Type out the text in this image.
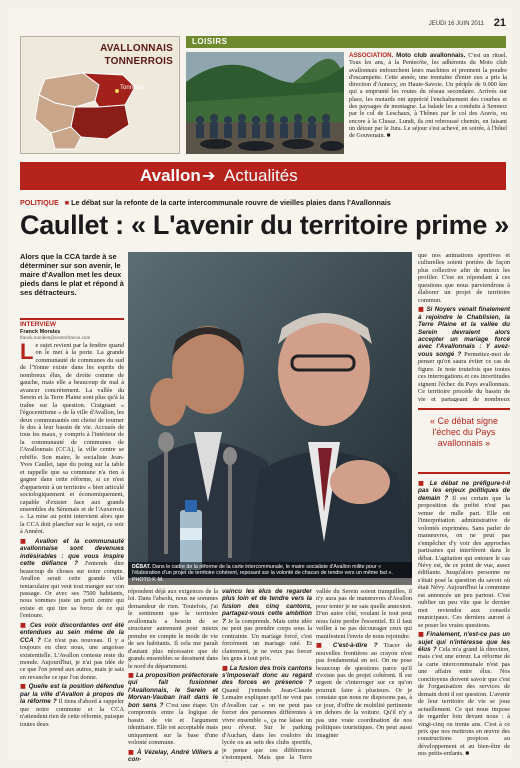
JEUDI 16 JUIN 2011 21
AVALLONNAIS
TONNERROIS
Tonnerre
LOISIRS
ASSOCIATION. Moto club avallonnais. C'est un rituel. Tous les ans, à la Pentecôte, les adhérents du Moto club avallonnais enfourchent leurs machines et prennent la poudre d'escampette. Cette année, une trentaine d'entre eux a pris la direction d'Annecy, en Haute-Savoie. Un périple de 9.000 km qui a emprunté les routes du réseau secondaire. Arrivés sur place, les motards ont apprécié l'enchaînement des courbes et des paysages de montagne. La balade les a conduits à Semnoz par le col de Leschaux, à Thônes par le col des Aravis, ou encore à la Clusaz. Lundi, ils ont rebroussé chemin, en faisant un détour par le Jura. Le séjour s'est achevé, en soirée, à l'hôtel de Gouvenain. ■
Avallon ➔ Actualités
POLITIQUE ■ Le débat sur la refonte de la carte intercommunale rouvre de vieilles plaies dans l'Avallonnais
Caullet : « L'avenir du territoire prime »
Alors que la CCA tarde à se déterminer sur son avenir, le maire d'Avallon met les deux pieds dans le plat et répond à ses détracteurs.
INTERVIEW
Franck Morales
franck.morales@centrefrance.com
DÉBAT. Dans le cadre de la réforme de la carte intercommunale, le maire socialiste d'Avallon milite pour « l'élaboration d'un projet de territoire cohérent, reposant sur la volonté de chacun de tendre vers un même but ». PHOTO F. M.
L e sujet revient par la fenêtre quand on le met à la porte. La grande communauté de communes du sud de l'Yonne existe dans les esprits de nombreux élus, de droite comme de gauche, mais elle a beaucoup de mal à avancer concrètement. La vallée du Serein et la Terre Plaine sont plus qu'à la traîne sur la question. Craignant « l'égocentrisme » de la ville d'Avallon, les deux communautés ont choisi de tourner le dos à leur bassin de vie. Accusés de tous les maux, y compris à l'intérieur de la communauté de communes de l'Avallonnais (CCA), la ville centre se rebiffe. Son maire, le socialiste Jean-Yves Caullet, tape du poing sur la table et rappelle que sa commune n'a rien à gagner dans cette réforme, si ce n'est d'appartenir à un territoire « bien articulé sociologiquement et économiquement, capable d'exister face aux grands ensembles du Sénonais et de l'Auxerrois ». La mise au point intervient alors que la CCA doit plancher sur le sujet, ce soir à Annéot.

■ Avallon et la communauté avallonnaise sont devenues indésirables : que vous inspire cette défiance ? J'entends dire beaucoup de choses sur notre compte. Avallon serait cette grande ville tentaculaire qui veut tout manger sur son passage. Or avec ses 7500 habitants, nous sommes juste un petit centre qui existe et qui tire sa force de ce qui l'entoure.

■ Ces voix discordantes ont été entendues au sein même de la CCA ? Ce n'est pas nouveau. Il y a toujours eu chez nous, une angoisse existentielle. L'Avallon conteste reste du monde. Aujourd'hui, je n'ai pas idée de ce que l'on prend aux autres, mais je sais en revanche ce que l'on donne.

■ Quelle est la position défendue par la ville d'Avallon à propos de la réforme ? Il tiens d'abord à rappeler que notre commune et la CCA n'attendent rien de cette réforme, puisque toutes deux

répondent déjà aux exigences de la loi. Dans l'absolu, nous ne sommes demandeur de rien. Toutefois, j'ai le sentiment que le territoire avallonnais a besoin de se structurer autrement pour mieux prendre en compte le mode de vie de ses habitants. Il cela me paraît d'autant plus nécessaire que de grands ensembles se dessinent dans le nord du département.

■ La proposition préfectorale qui fait fusionner l'Avallonnais, le Serein et Morvan-Vauban irait dans le bon sens ? C'est une étape. Un compromis entre la logique de bassin de vie et l'argument identitaire. Elle est acceptable mais uniquement sur la base d'une volonté commune.

■ À Vézelay, André Villiers a con-

vaincu les élus de regarder plus loin et de tendre vers la fusion des cinq cantons, partagez-vous cette ambition ? Je la comprends. Mais cette idée ne peut pas prendre corps sous la contrainte. Un mariage forcé, c'est forcément un mariage raté. Et clairement, je ne veux pas forcer les gens à tout prix.

■ La fusion des trois cantons s'imposerait donc au regard des forces en présence ? Quand j'entends Jean-Claude Lemaire expliquer qu'il ne veut pas d'Avallon car « on ne peut pas forcer des personnes différentes à vivre ensemble », ça me laisse un peu rêveur. Sur le parking d'Auchan, dans les couloirs du lycée ou au sein des clubs sportifs, je pense que ces différences s'estompent. Mais que la Terre

vallée du Serein soient tranquilles, il n'y aura pas de manœuvres d'Avallon pour tenter je ne sais quelle annexion. D'un autre côté, voulant le tout peut nous faire perdre l'essentiel. Et il faut veiller à ne pas décourager ceux qui manifestent l'envie de nous rejoindre.

■ C'est-à-dire ? Tracer de nouvelles frontières au crayon n'est pas fondamental en soi. On ne pose beaucoup de questions parce qu'il n'existe pas de projet cohérent. Il est urgent de s'interroger sur ce qu'on pourrait faire à plusieurs. Or je constate que nous ne disposons pas, à ce jour, d'offre de mobilité pertinente en dehors de la voiture. Qu'il n'y a pas une vraie coordination de nos politiques touristiques. On peut aussi imaginer

que nos animations sportives et culturelles soient portées de façon plus collective afin de mieux les profiler. C'est en répondant à ces questions que nous parviendrons à élaborer un projet de territoire commun.

■ Si Noyers venait finalement à rejoindre le Chablisien, la Terre Plaine et la vallée du Serein devraient alors accepter un mariage forcé avec l'Avallonnais : Y avez-vous songé ? Permettez-moi de penser qu'on saura éviter ce cas de figure. Je note toutefois que toutes ces interrogations et ces incertitudes signent l'échec du Pays avallonnais. Ce territoire procède du bassin de vie et partageant de nombreux

« Ce débat signe l'échec du Pays avallonnais »

■ Le débat ne préfigure-t-il pas les enjeux politiques de demain ? Il est certain que la proposition du préfet n'est pas venue de nulle part. Elle est l'interprétation administrative de volontés exprimées. Sans parler de manœuvres, on ne peut pas s'empêcher d'y voir des approches partisanes qui interfèrent dans le débat. L'agitation qui entoure le cas Névy est, de ce point de vue, assez édifiante. Jusqu'alors personne ne s'était posé la question du savoir où était Névy. Aujourd'hui la commune est annoncée un peu partout. C'est oublier un peu vite que le dernier mot reviendra aux conseils municipaux. Ces derniers auront à se poser les vraies questions.

■ Finalement, n'est-ce pas un sujet qui n'intéresse que les élus ? Cela m'a grand là direction, mais c'est une erreur. La réforme de la carte intercommunale n'est pas une affaire entre élus. Nos concitoyens doivent savoir que c'est de l'organisation des services de demain dont il est question. L'avenir de leur territoire de vie se joue actuellement. Ce qui nous impose de regarder loin devant nous : à vingt-cinq ou trente ans. C'est à ce prix que nos mettrons en œuvre des constructions propices au développement et au bien-être de nos petits-enfants. ■
